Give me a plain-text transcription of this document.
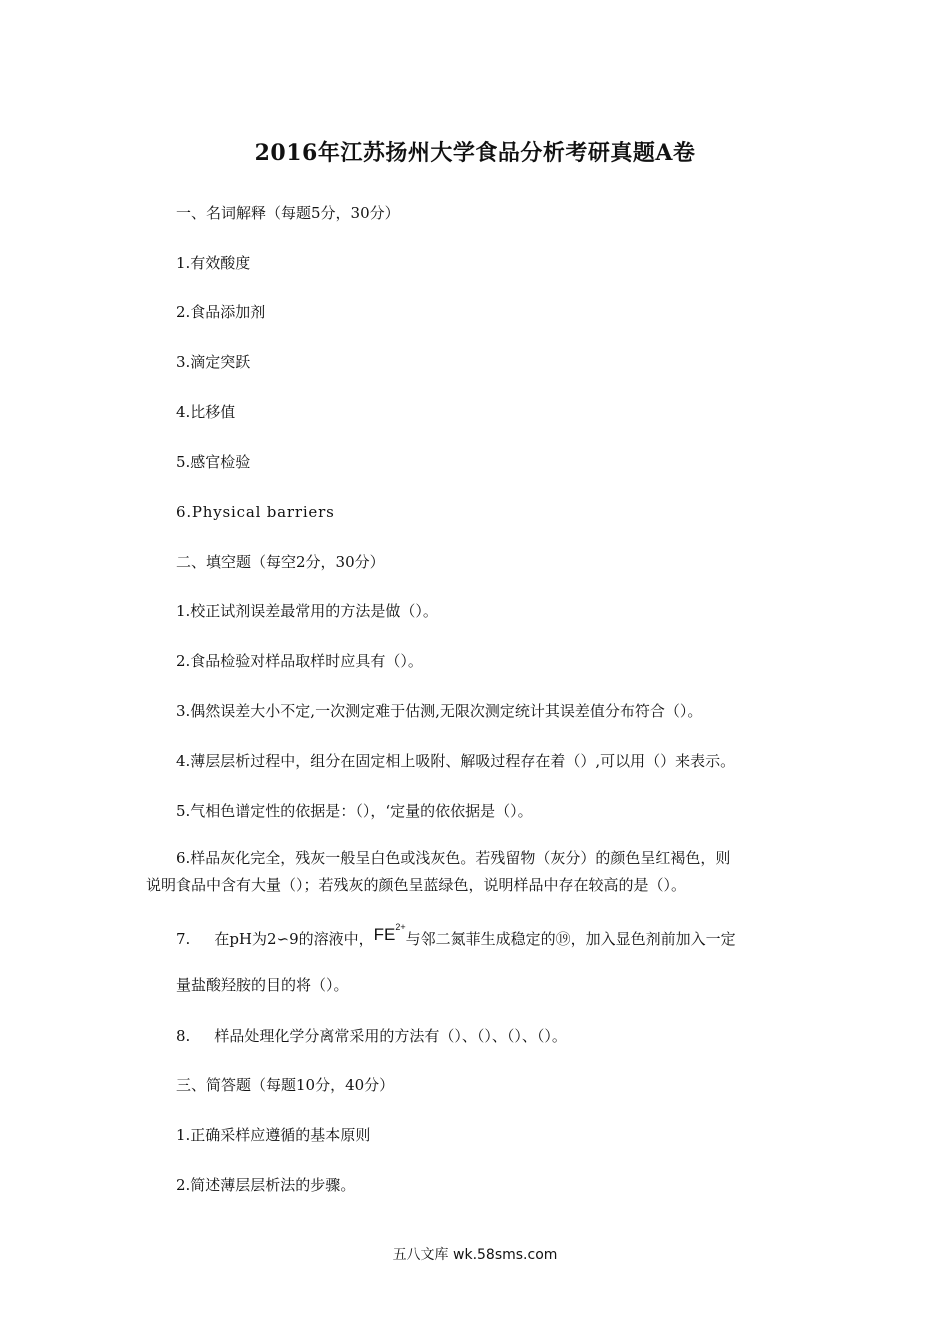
2016年江苏扬州大学食品分析考研真题A卷
一、名词解释（每题5分，30分）
1.有效酸度
2.食品添加剂
3.滴定突跃
4.比移值
5.感官检验
6.Physical barriers
二、填空题（每空2分，30分）
1.校正试剂误差最常用的方法是做（）。
2.食品检验对样品取样时应具有（）。
3.偶然误差大小不定,一次测定难于估测,无限次测定统计其误差值分布符合（）。
4.薄层层析过程中，组分在固定相上吸附、解吸过程存在着（）,可以用（）来表示。
5.气相色谱定性的依据是：（），‘定量的依依据是（）。
6.样品灰化完全，残灰一般呈白色或浅灰色。若残留物（灰分）的颜色呈红褐色，则
说明食品中含有大量（）；若残灰的颜色呈蓝绿色，说明样品中存在较高的是（）。
7. 在pH为2∽9的溶液中，$FE^{2+}$与邻二氮菲生成稳定的⑲，加入显色剂前加入一定
量盐酸羟胺的目的将（）。
8. 样品处理化学分离常采用的方法有（）、（）、（）、（）。
三、简答题（每题10分，40分）
1.正确采样应遵循的基本原则
2.简述薄层层析法的步骤。
五八文库 wk.58sms.com
